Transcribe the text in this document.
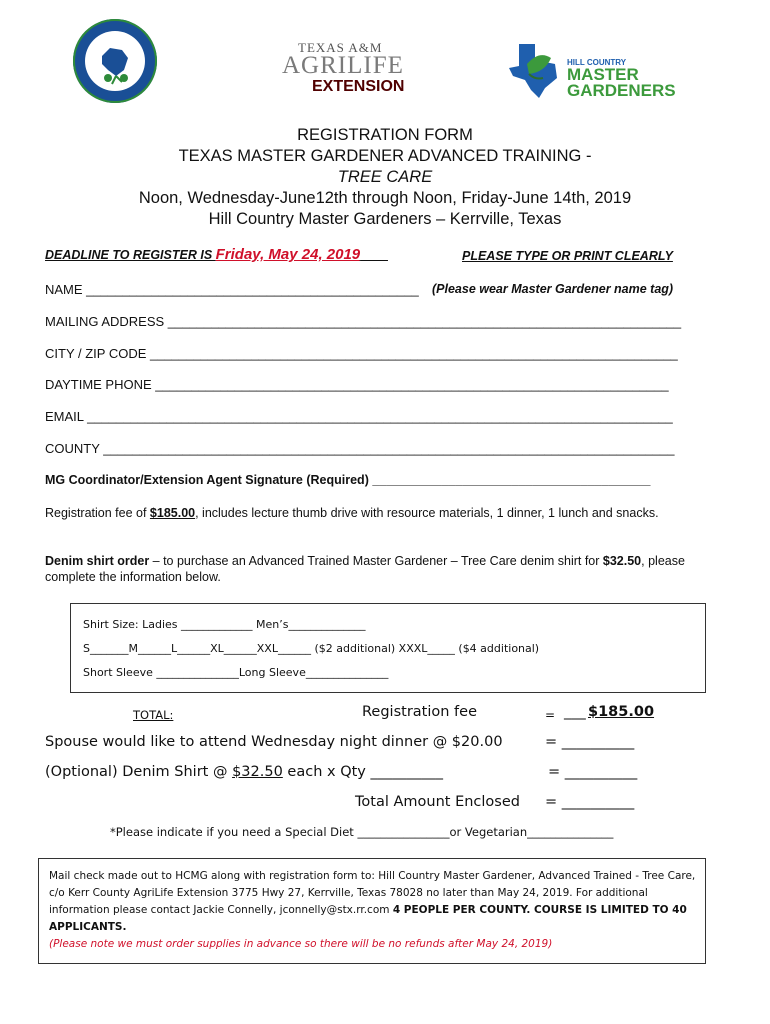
TEXAS A&M
AGRILIFE
EXTENSION
HILL COUNTRY
MASTER
GARDENERS
REGISTRATION FORM
TEXAS MASTER GARDENER ADVANCED TRAINING -
TREE CARE
Noon, Wednesday-June12th through Noon, Friday-June 14th, 2019
Hill Country Master Gardeners – Kerrville, Texas
DEADLINE TO REGISTER IS Friday, May 24, 2019____	PLEASE TYPE OR PRINT CLEARLY
NAME ______________________________________________ (Please wear Master Gardener name tag)
MAILING ADDRESS _______________________________________________________________________
CITY / ZIP CODE _________________________________________________________________________
DAYTIME PHONE _______________________________________________________________________
EMAIL _________________________________________________________________________________
COUNTY _______________________________________________________________________________
MG Coordinator/Extension Agent Signature (Required) ________________________________________
Registration fee of $185.00, includes lecture thumb drive with resource materials, 1 dinner, 1 lunch and snacks.
Denim shirt order – to purchase an Advanced Trained Master Gardener – Tree Care denim shirt for $32.50, please complete the information below.
Shirt Size: Ladies _____________ Men’s______________
S_______M______L______XL______XXL______ ($2 additional) XXXL_____ ($4 additional)
Short Sleeve _______________Long Sleeve_______________
TOTAL:	Registration fee	= $185.00
___
Spouse would like to attend Wednesday night dinner @ $20.00	= __________
(Optional) Denim Shirt @ $32.50 each x Qty __________	= __________
Total Amount Enclosed = __________
*Please indicate if you need a Special Diet ________________or Vegetarian_______________
Mail check made out to HCMG along with registration form to: Hill Country Master Gardener, Advanced Trained - Tree Care, c/o Kerr County AgriLife Extension 3775 Hwy 27, Kerrville, Texas 78028 no later than May 24, 2019. For additional information please contact Jackie Connelly, jconnelly@stx.rr.com 4 PEOPLE PER COUNTY. COURSE IS LIMITED TO 40 APPLICANTS.
(Please note we must order supplies in advance so there will be no refunds after May 24, 2019)
